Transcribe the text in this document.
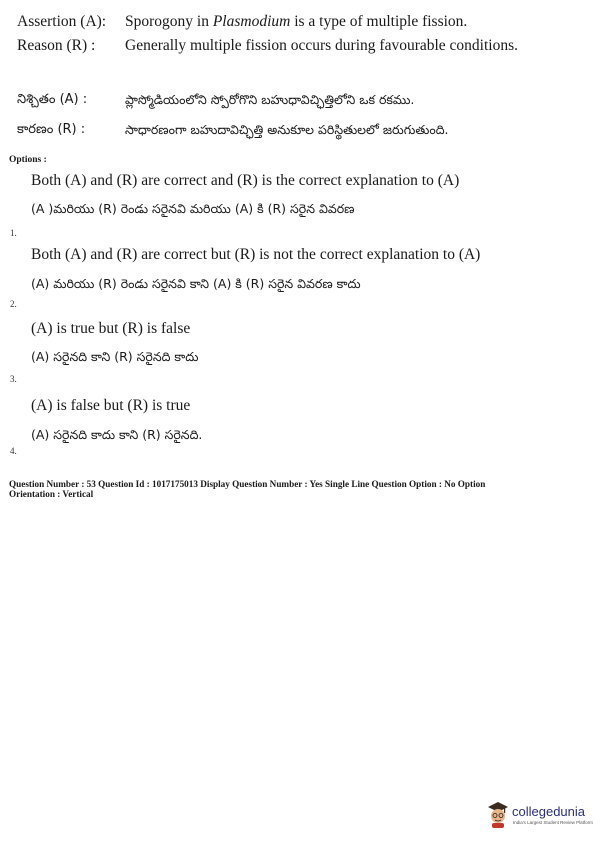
Assertion (A): Sporogony in Plasmodium is a type of multiple fission.
Reason (R) : Generally multiple fission occurs during favourable conditions.
నిశ్చితం (A) :	ప్లాస్మోడియంలోని స్పోరోగొని బహుధావిచ్ఛిత్తిలోని ఒక రకము.
కారణం (R) :	సాధారణంగా బహుదావిచ్ఛిత్తి అనుకూల పరిస్థితులలో జరుగుతుంది.
Options :
Both (A) and (R) are correct and (R) is the correct explanation to (A)
(A )మరియు (R) రెండు సరైనవి మరియు (A) కి (R) సరైన వివరణ
1.
Both (A) and (R) are correct but (R) is not the correct explanation to (A)
(A) మరియు (R) రెండు సరైనవి కాని (A) కి (R) సరైన వివరణ కాదు
2.
(A) is true but (R) is false
(A) సరైనది కాని (R) సరైనది కాదు
3.
(A) is false but (R) is true
(A) సరైనది కాదు కాని (R) సరైనది.
4.
Question Number : 53 Question Id : 1017175013 Display Question Number : Yes Single Line Question Option : No Option
Orientation : Vertical
collegedunia
India's Largest Student Review Platform
